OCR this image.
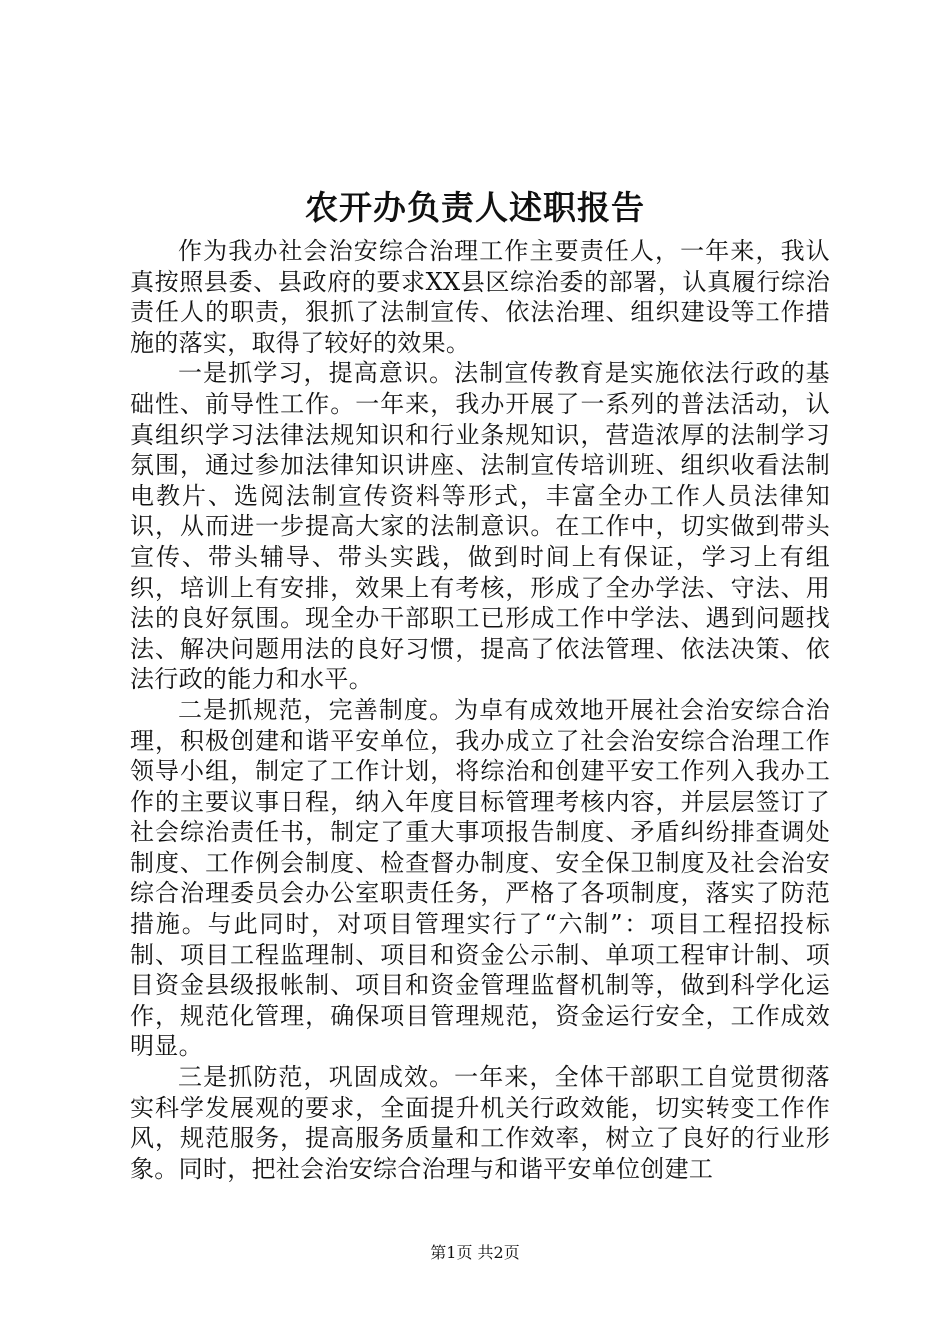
农开办负责人述职报告

作为我办社会治安综合治理工作主要责任人，一年来，我认真按照县委、县政府的要求XX县区综治委的部署，认真履行综治责任人的职责，狠抓了法制宣传、依法治理、组织建设等工作措施的落实，取得了较好的效果。

一是抓学习，提高意识。法制宣传教育是实施依法行政的基础性、前导性工作。一年来，我办开展了一系列的普法活动，认真组织学习法律法规知识和行业条规知识，营造浓厚的法制学习氛围，通过参加法律知识讲座、法制宣传培训班、组织收看法制电教片、选阅法制宣传资料等形式，丰富全办工作人员法律知识，从而进一步提高大家的法制意识。在工作中，切实做到带头宣传、带头辅导、带头实践，做到时间上有保证，学习上有组织，培训上有安排，效果上有考核，形成了全办学法、守法、用法的良好氛围。现全办干部职工已形成工作中学法、遇到问题找法、解决问题用法的良好习惯，提高了依法管理、依法决策、依法行政的能力和水平。

二是抓规范，完善制度。为卓有成效地开展社会治安综合治理，积极创建和谐平安单位，我办成立了社会治安综合治理工作领导小组，制定了工作计划，将综治和创建平安工作列入我办工作的主要议事日程，纳入年度目标管理考核内容，并层层签订了社会综治责任书，制定了重大事项报告制度、矛盾纠纷排查调处制度、工作例会制度、检查督办制度、安全保卫制度及社会治安综合治理委员会办公室职责任务，严格了各项制度，落实了防范措施。与此同时，对项目管理实行了“六制”：项目工程招投标制、项目工程监理制、项目和资金公示制、单项工程审计制、项目资金县级报帐制、项目和资金管理监督机制等，做到科学化运作，规范化管理，确保项目管理规范，资金运行安全，工作成效明显。

三是抓防范，巩固成效。一年来，全体干部职工自觉贯彻落实科学发展观的要求，全面提升机关行政效能，切实转变工作作风，规范服务，提高服务质量和工作效率，树立了良好的行业形象。同时，把社会治安综合治理与和谐平安单位创建工

第1页 共2页
